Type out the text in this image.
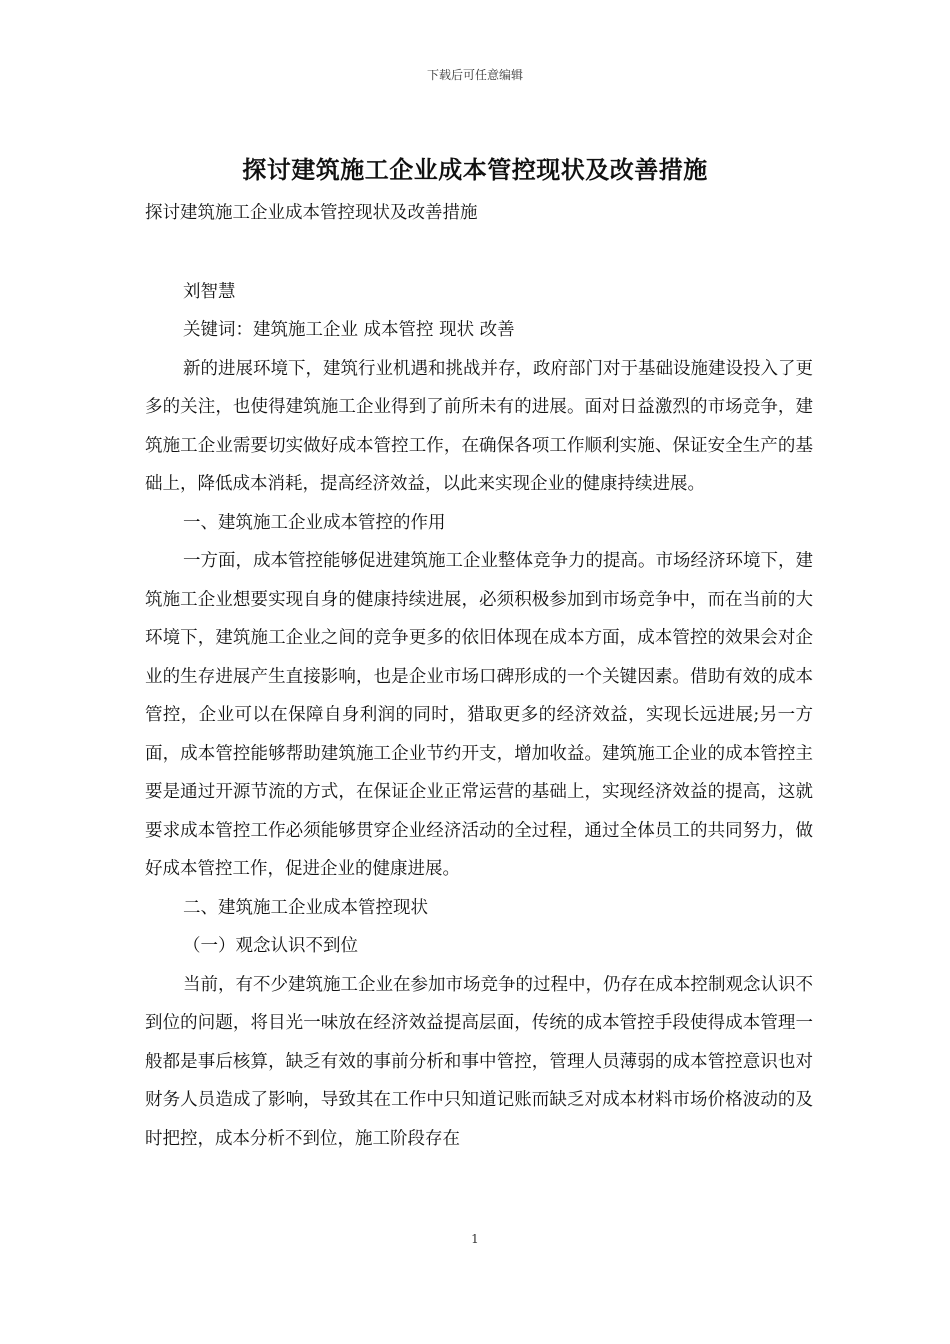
下载后可任意编辑
探讨建筑施工企业成本管控现状及改善措施

探讨建筑施工企业成本管控现状及改善措施

刘智慧

关键词：建筑施工企业 成本管控 现状 改善

新的进展环境下，建筑行业机遇和挑战并存，政府部门对于基础设施建设投入了更多的关注，也使得建筑施工企业得到了前所未有的进展。面对日益激烈的市场竞争，建筑施工企业需要切实做好成本管控工作，在确保各项工作顺利实施、保证安全生产的基础上，降低成本消耗，提高经济效益，以此来实现企业的健康持续进展。

一、建筑施工企业成本管控的作用

一方面，成本管控能够促进建筑施工企业整体竞争力的提高。市场经济环境下，建筑施工企业想要实现自身的健康持续进展，必须积极参加到市场竞争中，而在当前的大环境下，建筑施工企业之间的竞争更多的依旧体现在成本方面，成本管控的效果会对企业的生存进展产生直接影响，也是企业市场口碑形成的一个关键因素。借助有效的成本管控，企业可以在保障自身利润的同时，猎取更多的经济效益，实现长远进展;另一方面，成本管控能够帮助建筑施工企业节约开支，增加收益。建筑施工企业的成本管控主要是通过开源节流的方式，在保证企业正常运营的基础上，实现经济效益的提高，这就要求成本管控工作必须能够贯穿企业经济活动的全过程，通过全体员工的共同努力，做好成本管控工作，促进企业的健康进展。

二、建筑施工企业成本管控现状

（一）观念认识不到位

当前，有不少建筑施工企业在参加市场竞争的过程中，仍存在成本控制观念认识不到位的问题，将目光一味放在经济效益提高层面，传统的成本管控手段使得成本管理一般都是事后核算，缺乏有效的事前分析和事中管控，管理人员薄弱的成本管控意识也对财务人员造成了影响，导致其在工作中只知道记账而缺乏对成本材料市场价格波动的及时把控，成本分析不到位，施工阶段存在

1
